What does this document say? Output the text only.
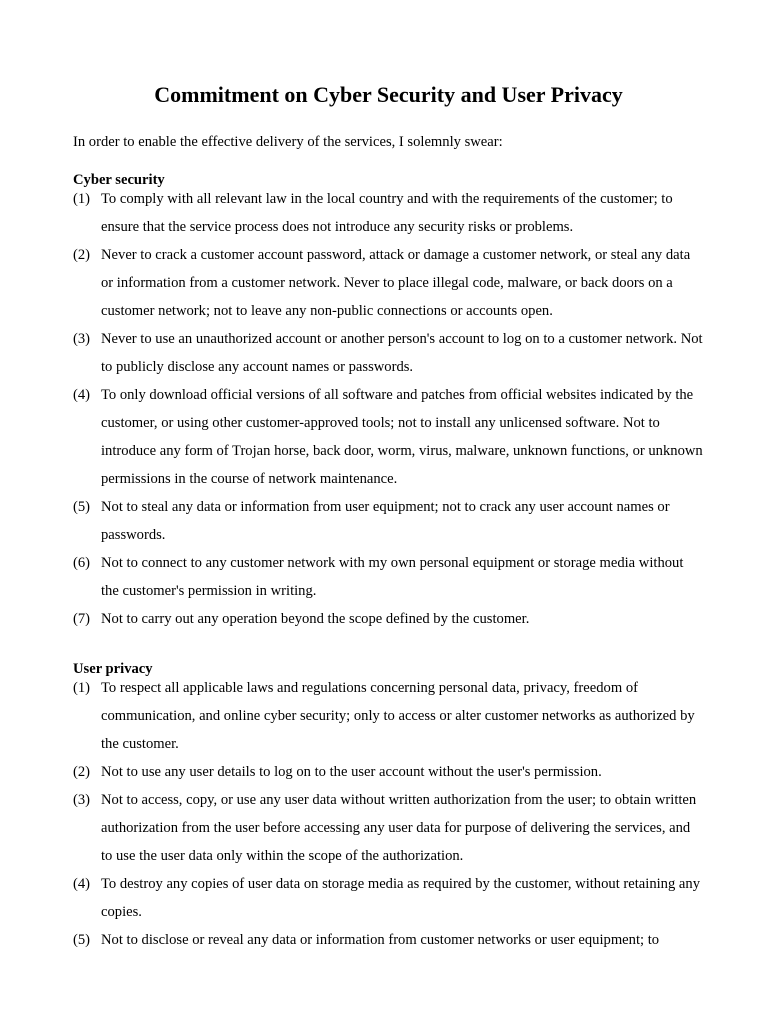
Commitment on Cyber Security and User Privacy

In order to enable the effective delivery of the services, I solemnly swear:

Cyber security
(1) To comply with all relevant law in the local country and with the requirements of the customer; to ensure that the service process does not introduce any security risks or problems.
(2) Never to crack a customer account password, attack or damage a customer network, or steal any data or information from a customer network. Never to place illegal code, malware, or back doors on a customer network; not to leave any non-public connections or accounts open.
(3) Never to use an unauthorized account or another person's account to log on to a customer network. Not to publicly disclose any account names or passwords.
(4) To only download official versions of all software and patches from official websites indicated by the customer, or using other customer-approved tools; not to install any unlicensed software. Not to introduce any form of Trojan horse, back door, worm, virus, malware, unknown functions, or unknown permissions in the course of network maintenance.
(5) Not to steal any data or information from user equipment; not to crack any user account names or passwords.
(6) Not to connect to any customer network with my own personal equipment or storage media without the customer's permission in writing.
(7) Not to carry out any operation beyond the scope defined by the customer.
User privacy
(1) To respect all applicable laws and regulations concerning personal data, privacy, freedom of communication, and online cyber security; only to access or alter customer networks as authorized by the customer.
(2) Not to use any user details to log on to the user account without the user's permission.
(3) Not to access, copy, or use any user data without written authorization from the user; to obtain written authorization from the user before accessing any user data for purpose of delivering the services, and to use the user data only within the scope of the authorization.
(4) To destroy any copies of user data on storage media as required by the customer, without retaining any copies.
(5) Not to disclose or reveal any data or information from customer networks or user equipment; to
